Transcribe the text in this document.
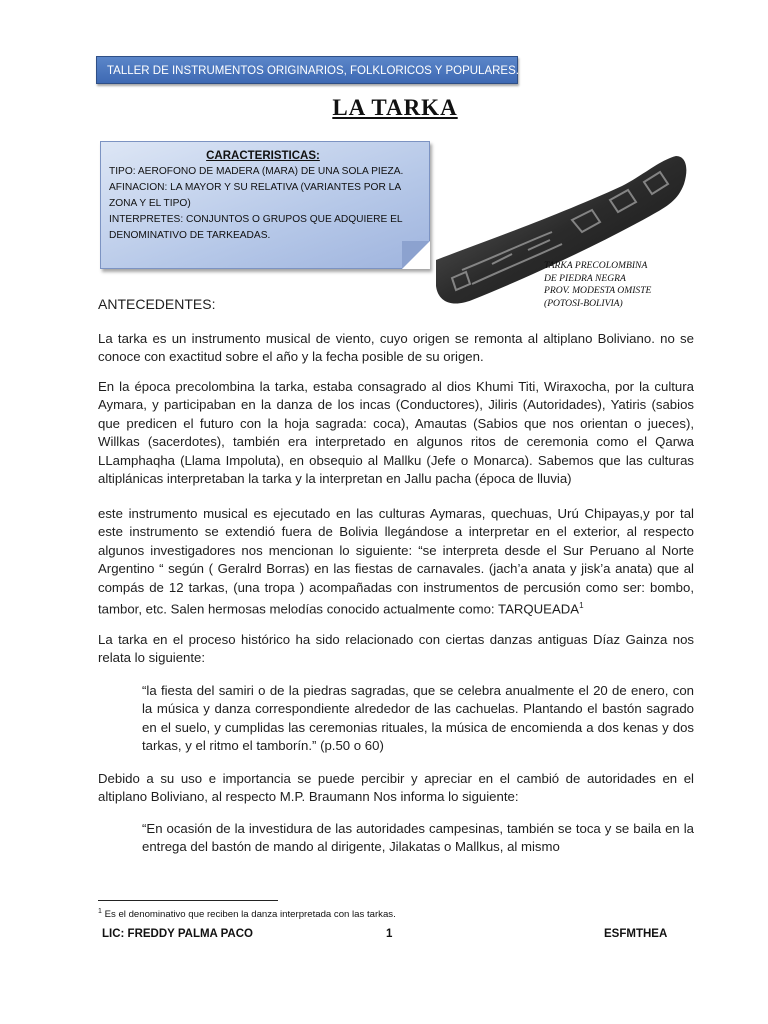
TALLER DE INSTRUMENTOS ORIGINARIOS, FOLKLORICOS Y POPULARES.
LA TARKA
CARACTERISTICAS:
TIPO: AEROFONO DE MADERA (MARA) DE UNA SOLA PIEZA.
AFINACION: LA MAYOR Y SU RELATIVA (VARIANTES POR LA ZONA Y EL TIPO)
INTERPRETES: CONJUNTOS O GRUPOS QUE ADQUIERE EL DENOMINATIVO DE TARKEADAS.
TARKA PRECOLOMBINA
DE PIEDRA NEGRA
PROV. MODESTA OMISTE
(POTOSI-BOLIVIA)
ANTECEDENTES:
La tarka es un instrumento musical de viento, cuyo origen se remonta al altiplano Boliviano. no se conoce con exactitud sobre el año y la fecha posible de su origen.
En la época precolombina la tarka, estaba consagrado al dios Khumi Titi, Wiraxocha, por la cultura Aymara, y participaban en la danza de los incas (Conductores), Jiliris (Autoridades), Yatiris (sabios que predicen el futuro con la hoja sagrada: coca), Amautas (Sabios que nos orientan o jueces), Willkas (sacerdotes), también era interpretado en algunos ritos de ceremonia como el Qarwa LLamphaqha (Llama Impoluta), en obsequio al Mallku (Jefe o Monarca). Sabemos que las culturas altiplánicas interpretaban la tarka y la interpretan en Jallu pacha (época de lluvia)
este instrumento musical es ejecutado en las culturas Aymaras, quechuas, Urú Chipayas,y por tal este instrumento se extendió fuera de Bolivia llegándose a interpretar en el exterior, al respecto algunos investigadores nos mencionan lo siguiente: “se interpreta desde el Sur Peruano al Norte Argentino “ según ( Geralrd Borras) en las fiestas de carnavales. (jach’a anata y jisk’a anata) que al compás de 12 tarkas, (una tropa ) acompañadas con instrumentos de percusión como ser: bombo, tambor, etc. Salen hermosas melodías conocido actualmente como: TARQUEADA$^1$
La tarka en el proceso histórico ha sido relacionado con ciertas danzas antiguas Díaz Gainza nos relata lo siguiente:
“la fiesta del samiri o de la piedras sagradas, que se celebra anualmente el 20 de enero, con la música y danza correspondiente alrededor de las cachuelas. Plantando el bastón sagrado en el suelo, y cumplidas las ceremonias rituales, la música de encomienda a dos kenas y dos tarkas, y el ritmo el tamborín.” (p.50 o 60)
Debido a su uso e importancia se puede percibir y apreciar en el cambió de autoridades en el altiplano Boliviano, al respecto M.P. Braumann Nos informa lo siguiente:
“En ocasión de la investidura de las autoridades campesinas, también se toca y se baila en la entrega del bastón de mando al dirigente, Jilakatas o Mallkus, al mismo
$^1$ Es el denominativo que reciben la danza interpretada con las tarkas.
LIC: FREDDY PALMA PACO	1	ESFMTHEA
